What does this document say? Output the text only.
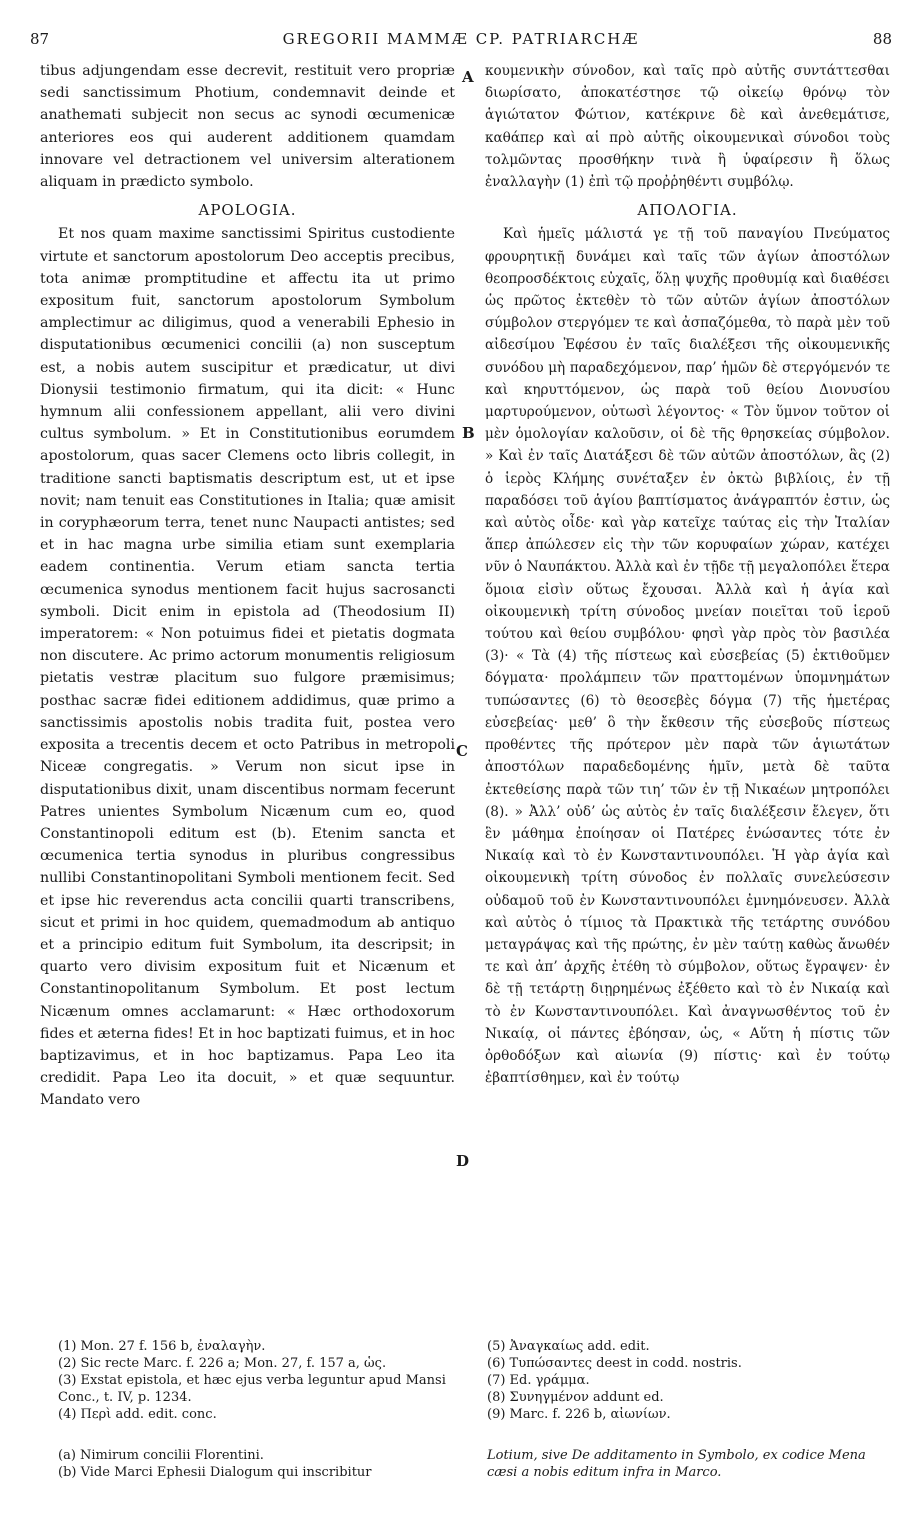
87	GREGORII MAMMÆ CP. PATRIARCHÆ	88

tibus adjungendam esse decrevit, restituit vero propriæ sedi sanctissimum Photium, condemnavit deinde et anathemati subjecit non secus ac synodi œcumenicæ anteriores eos qui auderent additionem quamdam innovare vel detractionem vel universim alterationem aliquam in prædicto symbolo.

APOLOGIA.

Et nos quam maxime sanctissimi Spiritus custodiente virtute et sanctorum apostolorum Deo acceptis precibus, tota animæ promptitudine et affectu ita ut primo expositum fuit, sanctorum apostolorum Symbolum amplectimur ac diligimus, quod a venerabili Ephesio in disputationibus œcumenici concilii (a) non susceptum est, a nobis autem suscipitur et prædicatur, ut divi Dionysii testimonio firmatum, qui ita dicit: « Hunc hymnum alii confessionem appellant, alii vero divini cultus symbolum. » Et in Constitutionibus eorumdem apostolorum, quas sacer Clemens octo libris collegit, in traditione sancti baptismatis descriptum est, ut et ipse novit; nam tenuit eas Constitutiones in Italia; quæ amisit in coryphæorum terra, tenet nunc Naupacti antistes; sed et in hac magna urbe similia etiam sunt exemplaria eadem continentia. Verum etiam sancta tertia œcumenica synodus mentionem facit hujus sacrosancti symboli. Dicit enim in epistola ad (Theodosium II) imperatorem: « Non potuimus fidei et pietatis dogmata non discutere. Ac primo actorum monumentis religiosum pietatis vestræ placitum suo fulgore præmisimus; posthac sacræ fidei editionem addidimus, quæ primo a sanctissimis apostolis nobis tradita fuit, postea vero exposita a trecentis decem et octo Patribus in metropoli Niceæ congregatis. » Verum non sicut ipse in disputationibus dixit, unam discentibus normam fecerunt Patres unientes Symbolum Nicænum cum eo, quod Constantinopoli editum est (b). Etenim sancta et œcumenica tertia synodus in pluribus congressibus nullibi Constantinopolitani Symboli mentionem fecit. Sed et ipse hic reverendus acta concilii quarti transcribens, sicut et primi in hoc quidem, quemadmodum ab antiquo et a principio editum fuit Symbolum, ita descripsit; in quarto vero divisim expositum fuit et Nicænum et Constantinopolitanum Symbolum. Et post lectum Nicænum omnes acclamarunt: « Hæc orthodoxorum fides et æterna fides! Et in hoc baptizati fuimus, et in hoc baptizavimus, et in hoc baptizamus. Papa Leo ita credidit. Papa Leo ita docuit, » et quæ sequuntur. Mandato vero

κουμενικὴν σύνοδον, καὶ ταῖς πρὸ αὐτῆς συντάττεσθαι διωρίσατο, ἀποκατέστησε τῷ οἰκείῳ θρόνῳ τὸν ἁγιώτατον Φώτιον, κατέκρινε δὲ καὶ ἀνεθεμάτισε, καθάπερ καὶ αἱ πρὸ αὐτῆς οἰκουμενικαὶ σύνοδοι τοὺς τολμῶντας προσθήκην τινὰ ἢ ὑφαίρεσιν ἢ ὅλως ἐναλλαγὴν (1) ἐπὶ τῷ προῤῥηθέντι συμβόλῳ.

ΑΠΟΛΟΓΙΑ.

Καὶ ἡμεῖς μάλιστά γε τῇ τοῦ παναγίου Πνεύματος φρουρητικῇ δυνάμει καὶ ταῖς τῶν ἁγίων ἀποστόλων θεοπροσδέκτοις εὐχαῖς, ὅλῃ ψυχῆς προθυμίᾳ καὶ διαθέσει ὡς πρῶτος ἐκτεθὲν τὸ τῶν αὐτῶν ἁγίων ἀποστόλων σύμβολον στεργόμεν τε καὶ ἀσπαζόμεθα, τὸ παρὰ μὲν τοῦ αἰδεσίμου Ἐφέσου ἐν ταῖς διαλέξεσι τῆς οἰκουμενικῆς συνόδου μὴ παραδεχόμενον, παρ’ ἡμῶν δὲ στεργόμενόν τε καὶ κηρυττόμενον, ὡς παρὰ τοῦ θείου Διονυσίου μαρτυρούμενον, οὑτωσὶ λέγοντος· « Τὸν ὕμνον τοῦτον οἱ μὲν ὁμολογίαν καλοῦσιν, οἱ δὲ τῆς θρησκείας σύμβολον. » Καὶ ἐν ταῖς Διατάξεσι δὲ τῶν αὐτῶν ἀποστόλων, ἃς (2) ὁ ἱερὸς Κλήμης συνέταξεν ἐν ὀκτὼ βιβλίοις, ἐν τῇ παραδόσει τοῦ ἁγίου βαπτίσματος ἀνάγραπτόν ἐστιν, ὡς καὶ αὐτὸς οἶδε· καὶ γὰρ κατεῖχε ταύτας εἰς τὴν Ἰταλίαν ἅπερ ἀπώλεσεν εἰς τὴν τῶν κορυφαίων χώραν, κατέχει νῦν ὁ Ναυπάκτου. Ἀλλὰ καὶ ἐν τῇδε τῇ μεγαλοπόλει ἕτερα ὅμοια εἰσὶν οὕτως ἔχουσαι. Ἀλλὰ καὶ ἡ ἁγία καὶ οἰκουμενικὴ τρίτη σύνοδος μνείαν ποιεῖται τοῦ ἱεροῦ τούτου καὶ θείου συμβόλου· φησὶ γὰρ πρὸς τὸν βασιλέα (3)· « Τὰ (4) τῆς πίστεως καὶ εὐσεβείας (5) ἐκτιθοῦμεν δόγματα· προλάμπειν τῶν πραττομένων ὑπομνημάτων τυπώσαντες (6) τὸ θεοσεβὲς δόγμα (7) τῆς ἡμετέρας εὐσεβείας· μεθ’ ὃ τὴν ἔκθεσιν τῆς εὐσεβοῦς πίστεως προθέντες τῆς πρότερον μὲν παρὰ τῶν ἁγιωτάτων ἀποστόλων παραδεδομένης ἡμῖν, μετὰ δὲ ταῦτα ἐκτεθείσης παρὰ τῶν τιη’ τῶν ἐν τῇ Νικαέων μητροπόλει (8). » Ἀλλ’ οὐδ’ ὡς αὐτὸς ἐν ταῖς διαλέξεσιν ἔλεγεν, ὅτι ἓν μάθημα ἐποίησαν οἱ Πατέρες ἑνώσαντες τότε ἐν Νικαίᾳ καὶ τὸ ἐν Κωνσταντινουπόλει. Ἡ γὰρ ἁγία καὶ οἰκουμενικὴ τρίτη σύνοδος ἐν πολλαῖς συνελεύσεσιν οὐδαμοῦ τοῦ ἐν Κωνσταντινουπόλει ἐμνημόνευσεν. Ἀλλὰ καὶ αὐτὸς ὁ τίμιος τὰ Πρακτικὰ τῆς τετάρτης συνόδου μεταγράψας καὶ τῆς πρώτης, ἐν μὲν ταύτῃ καθὼς ἄνωθέν τε καὶ ἀπ’ ἀρχῆς ἐτέθη τὸ σύμβολον, οὕτως ἔγραψεν· ἐν δὲ τῇ τετάρτῃ διῃρημένως ἐξέθετο καὶ τὸ ἐν Νικαίᾳ καὶ τὸ ἐν Κωνσταντινουπόλει. Καὶ ἀναγνωσθέντος τοῦ ἐν Νικαίᾳ, οἱ πάντες ἐβόησαν, ὡς, « Αὕτη ἡ πίστις τῶν ὀρθοδόξων καὶ αἰωνία (9) πίστις· καὶ ἐν τούτῳ ἐβαπτίσθημεν, καὶ ἐν τούτῳ

A
B
C
D

(1) Mon. 27 f. 156 b, ἐναλαγὴν.

(2) Sic recte Marc. f. 226 a; Mon. 27, f. 157 a, ὡς.

(3) Exstat epistola, et hæc ejus verba leguntur apud Mansi Conc., t. IV, p. 1234.

(4) Περὶ add. edit. conc.

(a) Nimirum concilii Florentini.

(b) Vide Marci Ephesii Dialogum qui inscribitur

(5) Ἀναγκαίως add. edit.

(6) Τυπώσαντες deest in codd. nostris.

(7) Ed. γράμμα.

(8) Συνηγμένον addunt ed.

(9) Marc. f. 226 b, αἰωνίων.

Lotium, sive De additamento in Symbolo, ex codice Mena cæsi a nobis editum infra in Marco.
